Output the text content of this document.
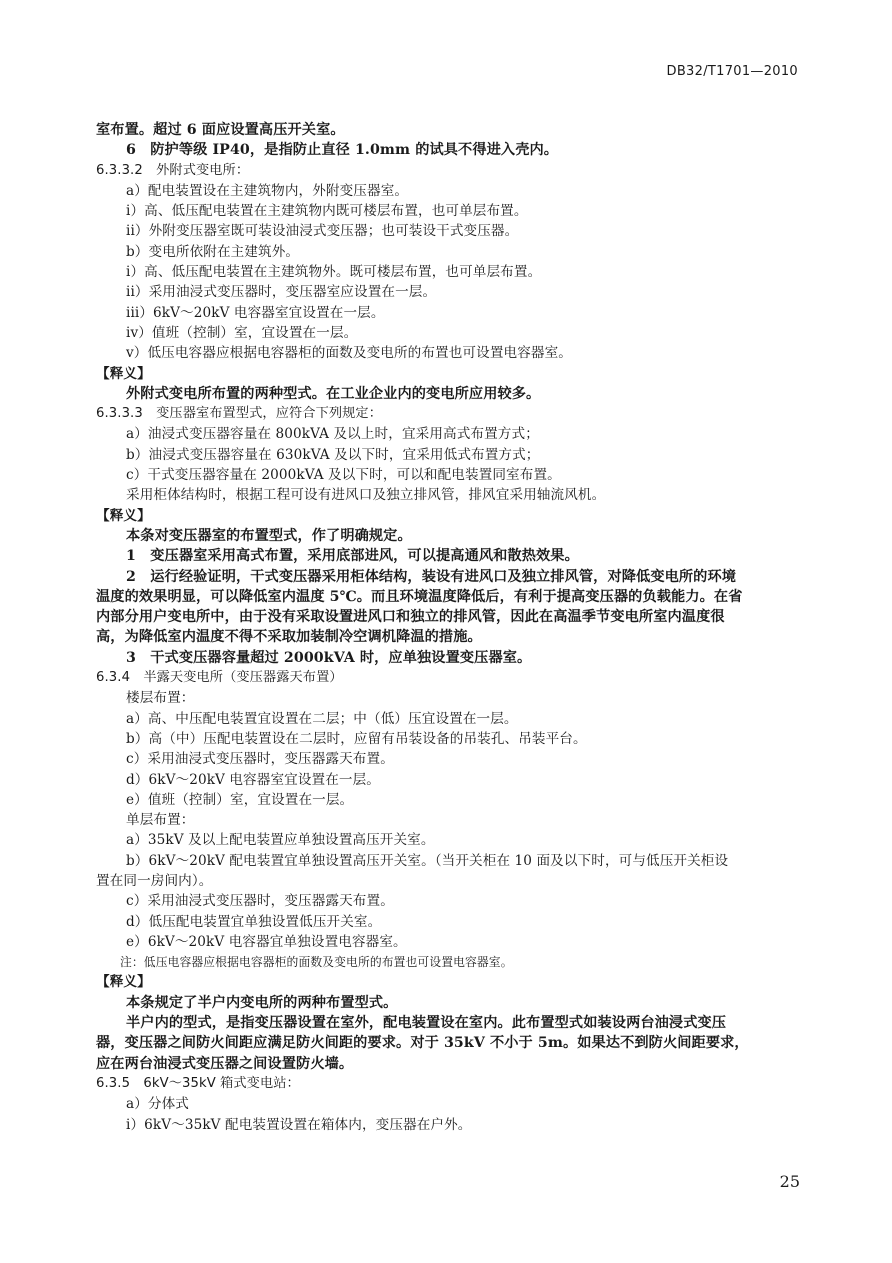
DB32/T1701—2010
室布置。超过 6 面应设置高压开关室。
6　防护等级 IP40，是指防止直径 1.0mm 的试具不得进入壳内。
6.3.3.2　外附式变电所：
a）配电装置设在主建筑物内，外附变压器室。
i）高、低压配电装置在主建筑物内既可楼层布置，也可单层布置。
ii）外附变压器室既可装设油浸式变压器；也可装设干式变压器。
b）变电所依附在主建筑外。
i）高、低压配电装置在主建筑物外。既可楼层布置，也可单层布置。
ii）采用油浸式变压器时，变压器室应设置在一层。
iii）6kV～20kV 电容器室宜设置在一层。
iv）值班（控制）室，宜设置在一层。
v）低压电容器应根据电容器柜的面数及变电所的布置也可设置电容器室。
【释义】
外附式变电所布置的两种型式。在工业企业内的变电所应用较多。
6.3.3.3　变压器室布置型式，应符合下列规定：
a）油浸式变压器容量在 800kVA 及以上时，宜采用高式布置方式；
b）油浸式变压器容量在 630kVA 及以下时，宜采用低式布置方式；
c）干式变压器容量在 2000kVA 及以下时，可以和配电装置同室布置。
采用柜体结构时，根据工程可设有进风口及独立排风管，排风宜采用轴流风机。
【释义】
本条对变压器室的布置型式，作了明确规定。
1　变压器室采用高式布置，采用底部进风，可以提高通风和散热效果。
2　运行经验证明，干式变压器采用柜体结构，装设有进风口及独立排风管，对降低变电所的环境
温度的效果明显，可以降低室内温度 5℃。而且环境温度降低后，有利于提高变压器的负载能力。在省
内部分用户变电所中，由于没有采取设置进风口和独立的排风管，因此在高温季节变电所室内温度很
高，为降低室内温度不得不采取加装制冷空调机降温的措施。
3　干式变压器容量超过 2000kVA 时，应单独设置变压器室。
6.3.4　半露天变电所（变压器露天布置）
楼层布置：
a）高、中压配电装置宜设置在二层；中（低）压宜设置在一层。
b）高（中）压配电装置设在二层时，应留有吊装设备的吊装孔、吊装平台。
c）采用油浸式变压器时，变压器露天布置。
d）6kV～20kV 电容器室宜设置在一层。
e）值班（控制）室，宜设置在一层。
单层布置：
a）35kV 及以上配电装置应单独设置高压开关室。
b）6kV～20kV 配电装置宜单独设置高压开关室。（当开关柜在 10 面及以下时，可与低压开关柜设
置在同一房间内）。
c）采用油浸式变压器时，变压器露天布置。
d）低压配电装置宜单独设置低压开关室。
e）6kV～20kV 电容器宜单独设置电容器室。
注：低压电容器应根据电容器柜的面数及变电所的布置也可设置电容器室。
【释义】
本条规定了半户内变电所的两种布置型式。
半户内的型式，是指变压器设置在室外，配电装置设在室内。此布置型式如装设两台油浸式变压
器，变压器之间防火间距应满足防火间距的要求。对于 35kV 不小于 5m。如果达不到防火间距要求，
应在两台油浸式变压器之间设置防火墙。
6.3.5　6kV～35kV 箱式变电站：
a）分体式
i）6kV～35kV 配电装置设置在箱体内，变压器在户外。
25
